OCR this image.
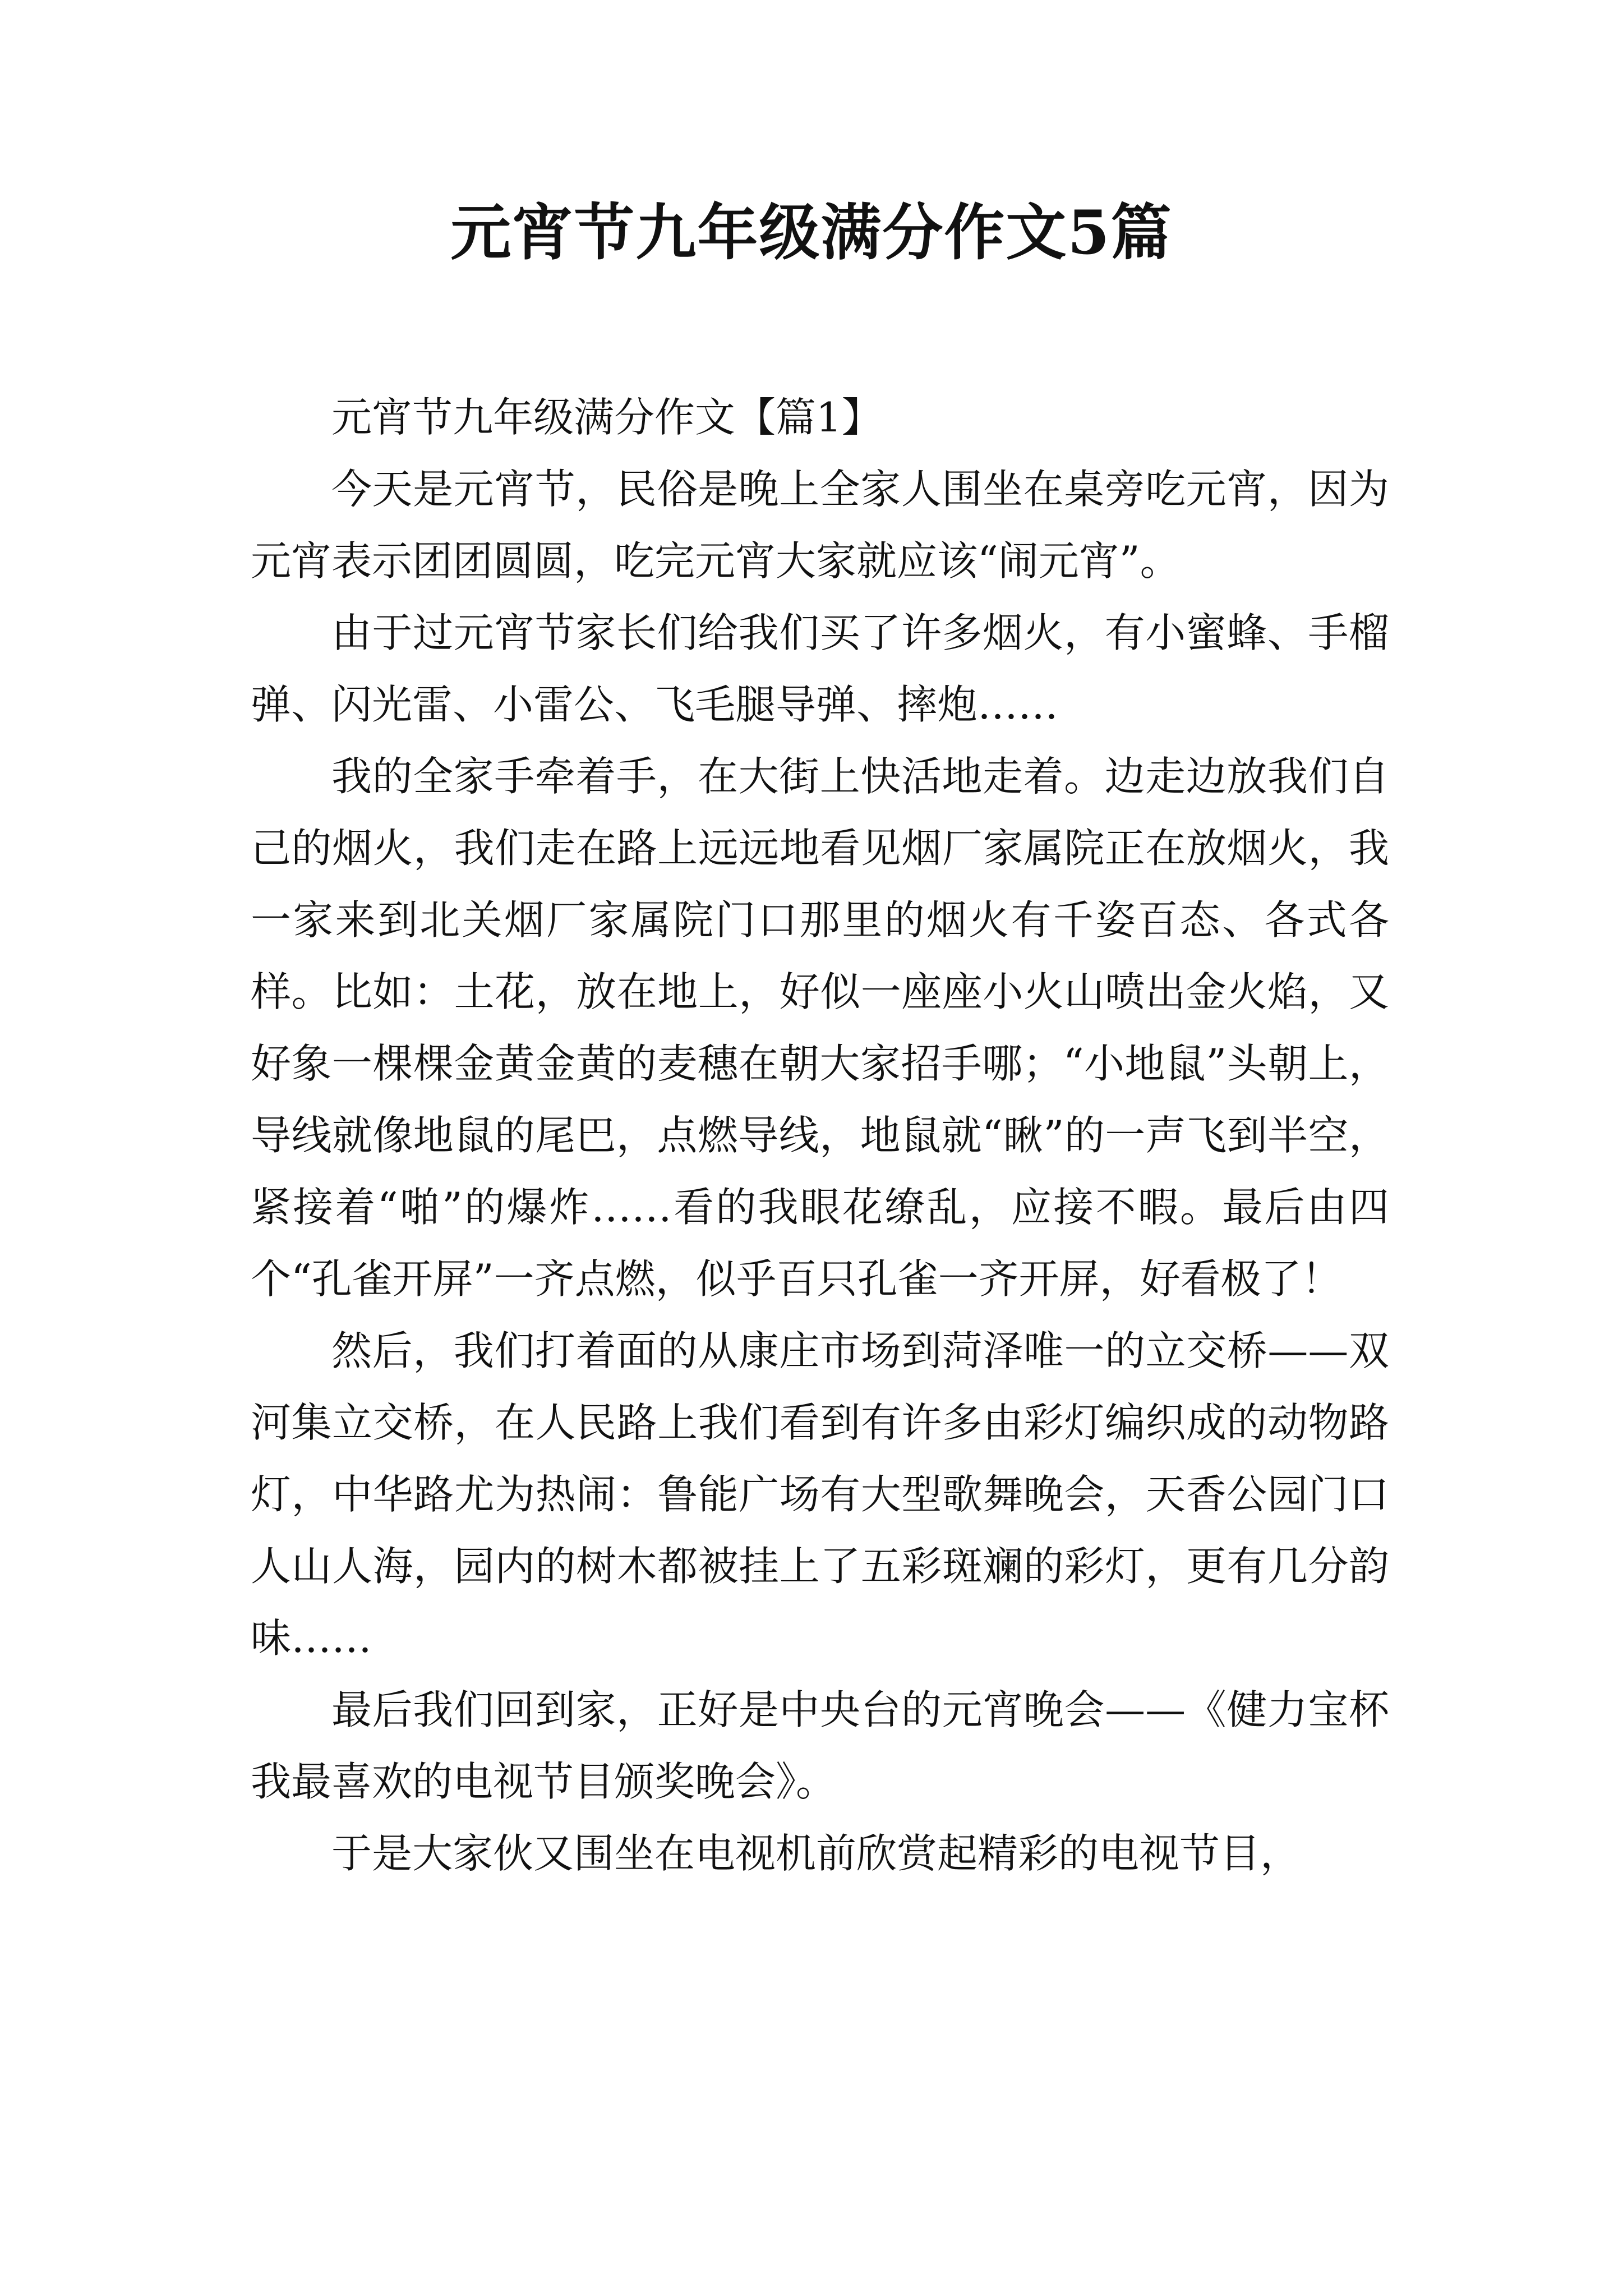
元宵节九年级满分作文5篇

元宵节九年级满分作文【篇1】

今天是元宵节，民俗是晚上全家人围坐在桌旁吃元宵，因为元宵表示团团圆圆，吃完元宵大家就应该“闹元宵”。

由于过元宵节家长们给我们买了许多烟火，有小蜜蜂、手榴弹、闪光雷、小雷公、飞毛腿导弹、摔炮……

我的全家手牵着手，在大街上快活地走着。边走边放我们自己的烟火，我们走在路上远远地看见烟厂家属院正在放烟火，我一家来到北关烟厂家属院门口那里的烟火有千姿百态、各式各样。比如：土花，放在地上，好似一座座小火山喷出金火焰，又好象一棵棵金黄金黄的麦穗在朝大家招手哪；“小地鼠”头朝上，导线就像地鼠的尾巴，点燃导线，地鼠就“瞅”的一声飞到半空，紧接着“啪”的爆炸……看的我眼花缭乱，应接不暇。最后由四个“孔雀开屏”一齐点燃，似乎百只孔雀一齐开屏，好看极了！

然后，我们打着面的从康庄市场到菏泽唯一的立交桥——双河集立交桥，在人民路上我们看到有许多由彩灯编织成的动物路灯，中华路尤为热闹：鲁能广场有大型歌舞晚会，天香公园门口人山人海，园内的树木都被挂上了五彩斑斓的彩灯，更有几分韵味……

最后我们回到家，正好是中央台的元宵晚会——《健力宝杯我最喜欢的电视节目颁奖晚会》。

于是大家伙又围坐在电视机前欣赏起精彩的电视节目，
